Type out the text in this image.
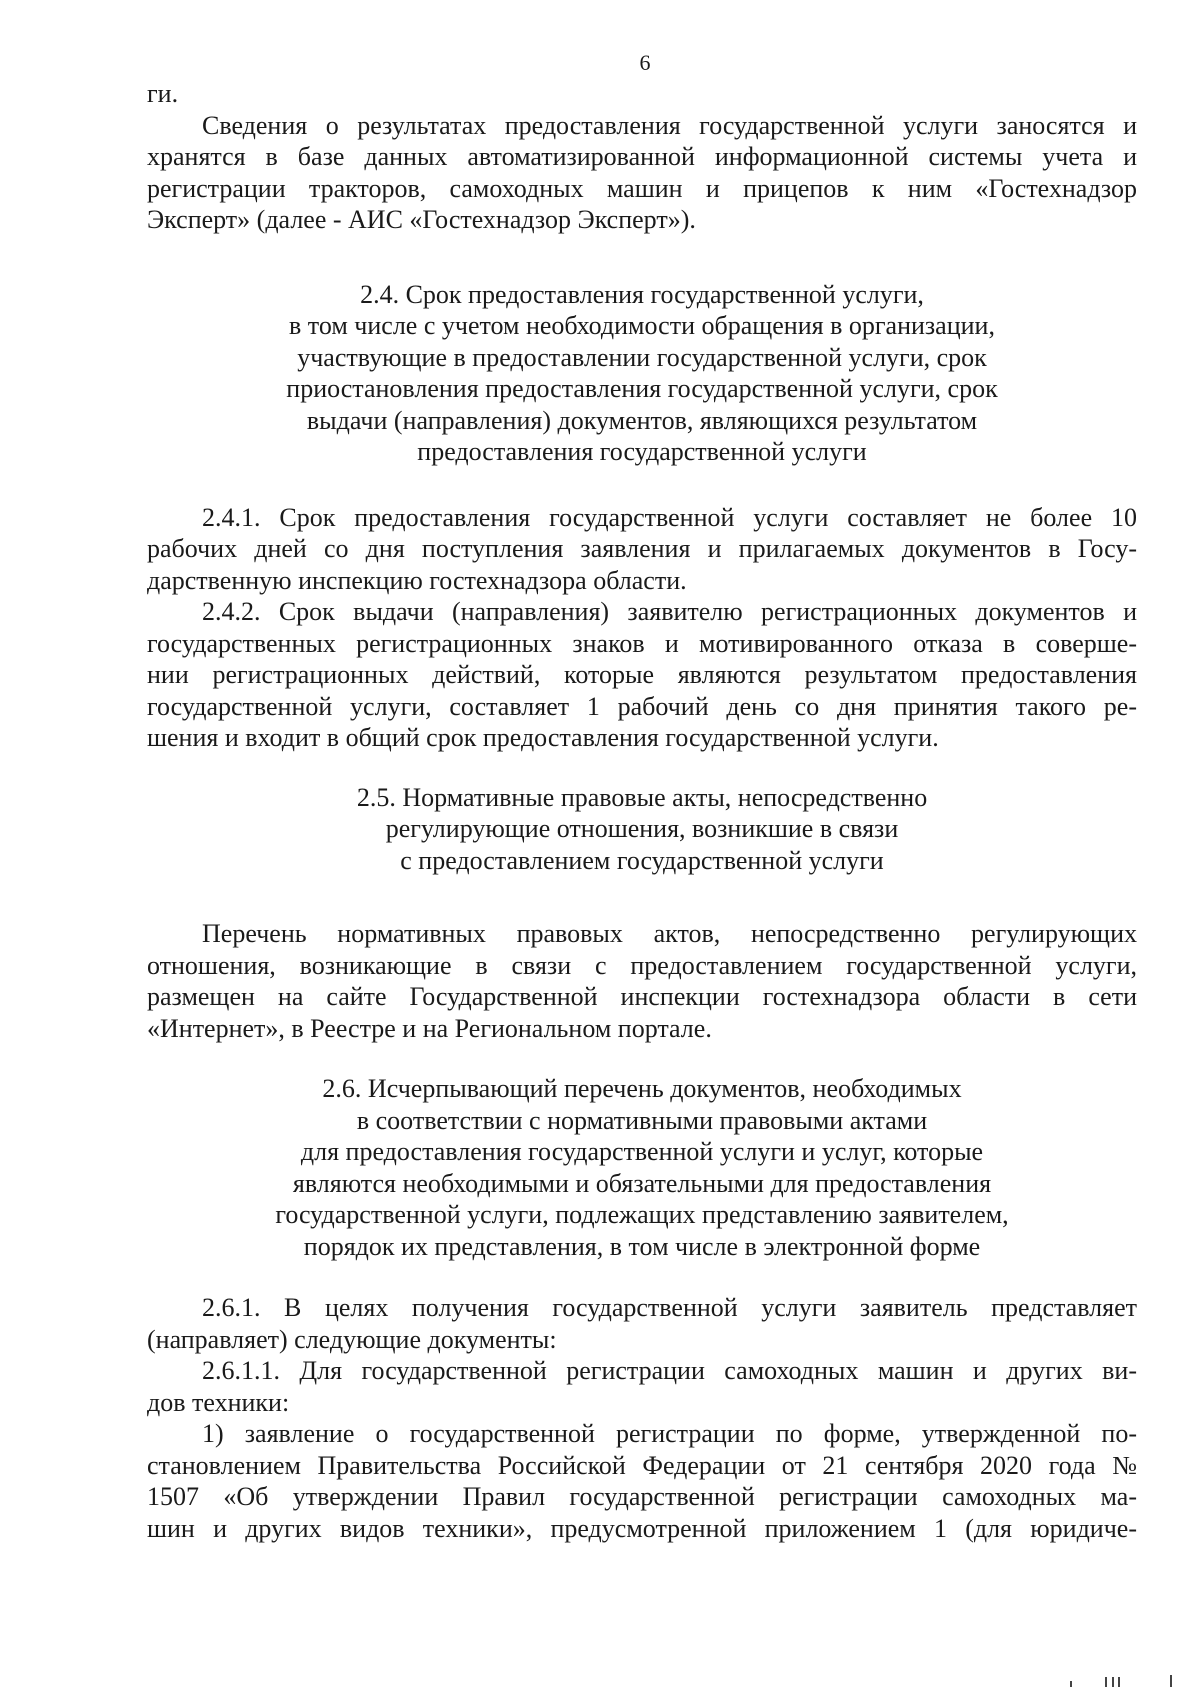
6
ги.
Сведения о результатах предоставления государственной услуги заносятся и
хранятся в базе данных автоматизированной информационной системы учета и
регистрации тракторов, самоходных машин и прицепов к ним «Гостехнадзор
Эксперт» (далее - АИС «Гостехнадзор Эксперт»).
2.4. Срок предоставления государственной услуги,
в том числе с учетом необходимости обращения в организации,
участвующие в предоставлении государственной услуги, срок
приостановления предоставления государственной услуги, срок
выдачи (направления) документов, являющихся результатом
предоставления государственной услуги
2.4.1. Срок предоставления государственной услуги составляет не более 10
рабочих дней со дня поступления заявления и прилагаемых документов в Госу-
дарственную инспекцию гостехнадзора области.
2.4.2. Срок выдачи (направления) заявителю регистрационных документов и
государственных регистрационных знаков и мотивированного отказа в соверше-
нии регистрационных действий, которые являются результатом предоставления
государственной услуги, составляет 1 рабочий день со дня принятия такого ре-
шения и входит в общий срок предоставления государственной услуги.
2.5. Нормативные правовые акты, непосредственно
регулирующие отношения, возникшие в связи
с предоставлением государственной услуги
Перечень нормативных правовых актов, непосредственно регулирующих
отношения, возникающие в связи с предоставлением государственной услуги,
размещен на сайте Государственной инспекции гостехнадзора области в сети
«Интернет», в Реестре и на Региональном портале.
2.6. Исчерпывающий перечень документов, необходимых
в соответствии с нормативными правовыми актами
для предоставления государственной услуги и услуг, которые
являются необходимыми и обязательными для предоставления
государственной услуги, подлежащих представлению заявителем,
порядок их представления, в том числе в электронной форме
2.6.1. В целях получения государственной услуги заявитель представляет
(направляет) следующие документы:
2.6.1.1. Для государственной регистрации самоходных машин и других ви-
дов техники:
1) заявление о государственной регистрации по форме, утвержденной по-
становлением Правительства Российской Федерации от 21 сентября 2020 года №
1507 «Об утверждении Правил государственной регистрации самоходных ма-
шин и других видов техники», предусмотренной приложением 1 (для юридиче-
